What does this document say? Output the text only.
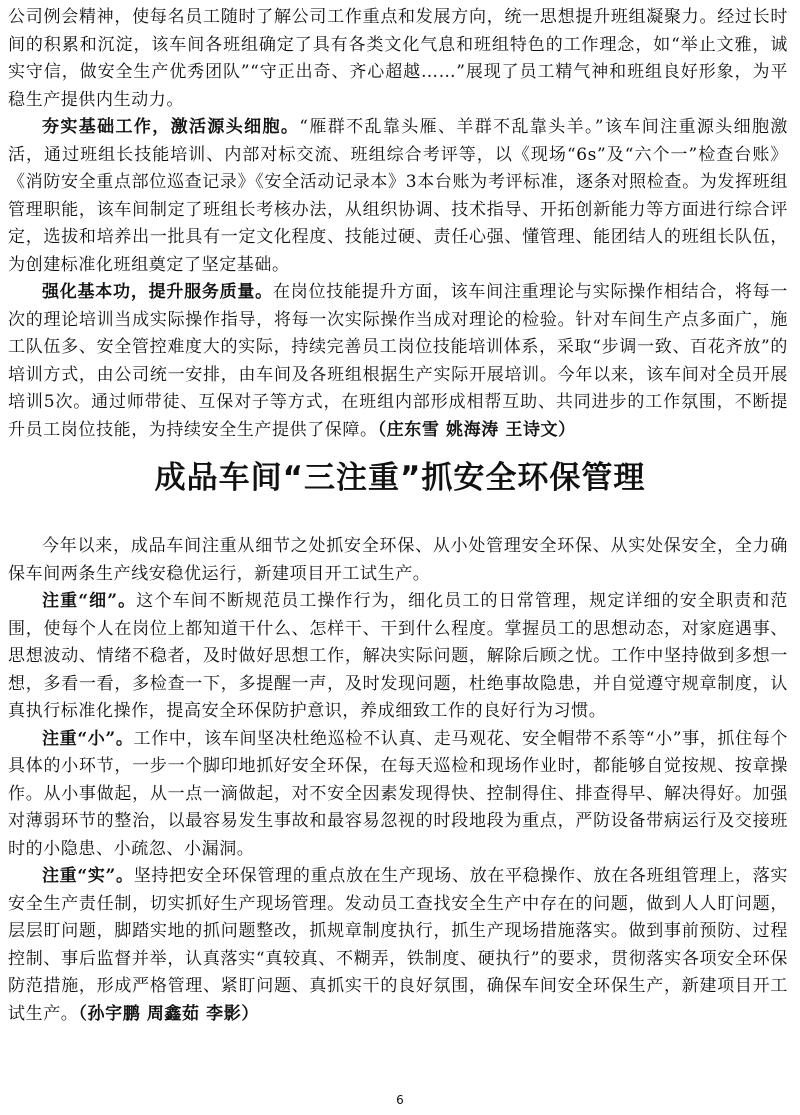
公司例会精神，使每名员工随时了解公司工作重点和发展方向，统一思想提升班组凝聚力。经过长时间的积累和沉淀，该车间各班组确定了具有各类文化气息和班组特色的工作理念，如“举止文雅，诚实守信，做安全生产优秀团队”“守正出奇、齐心超越……”展现了员工精气神和班组良好形象，为平稳生产提供内生动力。

夯实基础工作，激活源头细胞。“雁群不乱靠头雁、羊群不乱靠头羊。”该车间注重源头细胞激活，通过班组长技能培训、内部对标交流、班组综合考评等，以《现场“6s”及“六个一”检查台账》《消防安全重点部位巡查记录》《安全活动记录本》3本台账为考评标准，逐条对照检查。为发挥班组管理职能，该车间制定了班组长考核办法，从组织协调、技术指导、开拓创新能力等方面进行综合评定，选拔和培养出一批具有一定文化程度、技能过硬、责任心强、懂管理、能团结人的班组长队伍，为创建标准化班组奠定了坚定基础。

强化基本功，提升服务质量。在岗位技能提升方面，该车间注重理论与实际操作相结合，将每一次的理论培训当成实际操作指导，将每一次实际操作当成对理论的检验。针对车间生产点多面广，施工队伍多、安全管控难度大的实际，持续完善员工岗位技能培训体系，采取“步调一致、百花齐放”的培训方式，由公司统一安排，由车间及各班组根据生产实际开展培训。今年以来，该车间对全员开展培训5次。通过师带徒、互保对子等方式，在班组内部形成相帮互助、共同进步的工作氛围，不断提升员工岗位技能，为持续安全生产提供了保障。（庄东雪 姚海涛 王诗文）

成品车间“三注重”抓安全环保管理

今年以来，成品车间注重从细节之处抓安全环保、从小处管理安全环保、从实处保安全，全力确保车间两条生产线安稳优运行，新建项目开工试生产。

注重“细”。这个车间不断规范员工操作行为，细化员工的日常管理，规定详细的安全职责和范围，使每个人在岗位上都知道干什么、怎样干、干到什么程度。掌握员工的思想动态，对家庭遇事、思想波动、情绪不稳者，及时做好思想工作，解决实际问题，解除后顾之忧。工作中坚持做到多想一想，多看一看，多检查一下，多提醒一声，及时发现问题，杜绝事故隐患，并自觉遵守规章制度，认真执行标准化操作，提高安全环保防护意识，养成细致工作的良好行为习惯。

注重“小”。工作中，该车间坚决杜绝巡检不认真、走马观花、安全帽带不系等“小”事，抓住每个具体的小环节，一步一个脚印地抓好安全环保，在每天巡检和现场作业时，都能够自觉按规、按章操作。从小事做起，从一点一滴做起，对不安全因素发现得快、控制得住、排查得早、解决得好。加强对薄弱环节的整治，以最容易发生事故和最容易忽视的时段地段为重点，严防设备带病运行及交接班时的小隐患、小疏忽、小漏洞。

注重“实”。坚持把安全环保管理的重点放在生产现场、放在平稳操作、放在各班组管理上，落实安全生产责任制，切实抓好生产现场管理。发动员工查找安全生产中存在的问题，做到人人盯问题，层层盯问题，脚踏实地的抓问题整改，抓规章制度执行，抓生产现场措施落实。做到事前预防、过程控制、事后监督并举，认真落实“真较真、不糊弄，铁制度、硬执行”的要求，贯彻落实各项安全环保防范措施，形成严格管理、紧盯问题、真抓实干的良好氛围，确保车间安全环保生产，新建项目开工试生产。（孙宇鹏 周鑫茹 李影）

6
